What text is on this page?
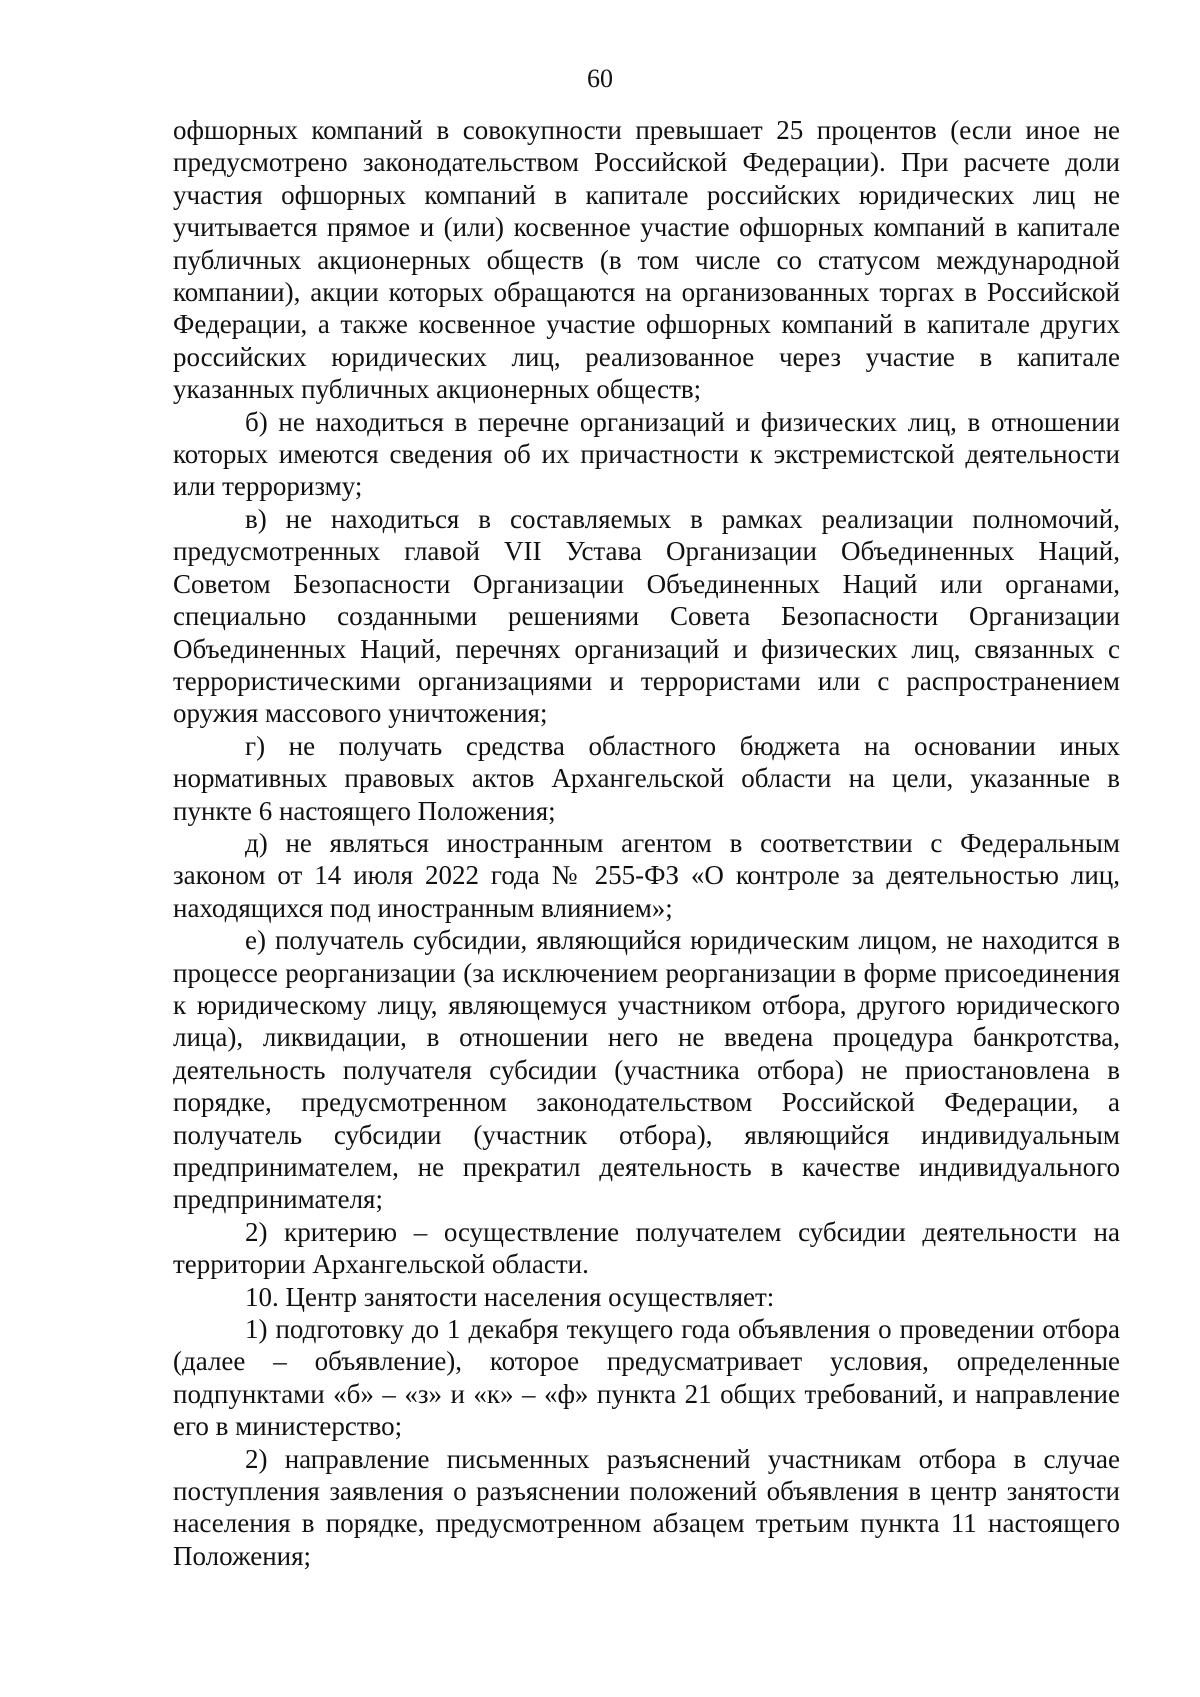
60

офшорных компаний в совокупности превышает 25 процентов (если иное не предусмотрено законодательством Российской Федерации). При расчете доли участия офшорных компаний в капитале российских юридических лиц не учитывается прямое и (или) косвенное участие офшорных компаний в капитале публичных акционерных обществ (в том числе со статусом международной компании), акции которых обращаются на организованных торгах в Российской Федерации, а также косвенное участие офшорных компаний в капитале других российских юридических лиц, реализованное через участие в капитале указанных публичных акционерных обществ;

б) не находиться в перечне организаций и физических лиц, в отношении которых имеются сведения об их причастности к экстремистской деятельности или терроризму;

в) не находиться в составляемых в рамках реализации полномочий, предусмотренных главой VII Устава Организации Объединенных Наций, Советом Безопасности Организации Объединенных Наций или органами, специально созданными решениями Совета Безопасности Организации Объединенных Наций, перечнях организаций и физических лиц, связанных с террористическими организациями и террористами или с распространением оружия массового уничтожения;

г) не получать средства областного бюджета на основании иных нормативных правовых актов Архангельской области на цели, указанные в пункте 6 настоящего Положения;

д) не являться иностранным агентом в соответствии с Федеральным законом от 14 июля 2022 года № 255-ФЗ «О контроле за деятельностью лиц, находящихся под иностранным влиянием»;

е) получатель субсидии, являющийся юридическим лицом, не находится в процессе реорганизации (за исключением реорганизации в форме присоединения к юридическому лицу, являющемуся участником отбора, другого юридического лица), ликвидации, в отношении него не введена процедура банкротства, деятельность получателя субсидии (участника отбора) не приостановлена в порядке, предусмотренном законодательством Российской Федерации, а получатель субсидии (участник отбора), являющийся индивидуальным предпринимателем, не прекратил деятельность в качестве индивидуального предпринимателя;

2) критерию – осуществление получателем субсидии деятельности на территории Архангельской области.

10. Центр занятости населения осуществляет:

1) подготовку до 1 декабря текущего года объявления о проведении отбора (далее – объявление), которое предусматривает условия, определенные подпунктами «б» – «з» и «к» – «ф» пункта 21 общих требований, и направление его в министерство;

2) направление письменных разъяснений участникам отбора в случае поступления заявления о разъяснении положений объявления в центр занятости населения в порядке, предусмотренном абзацем третьим пункта 11 настоящего Положения;
